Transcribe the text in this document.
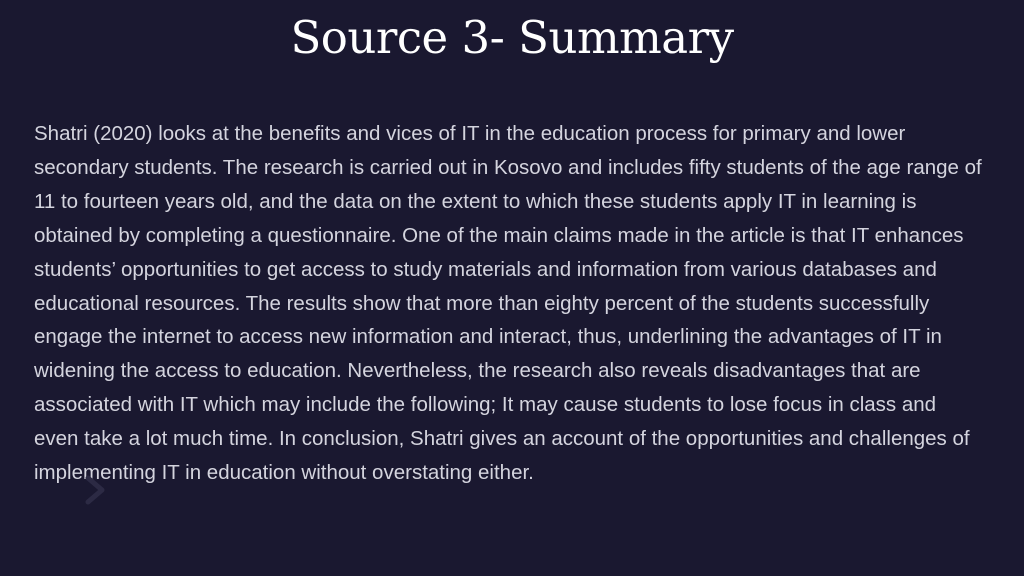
Source 3- Summary

Shatri (2020) looks at the benefits and vices of IT in the education process for primary and lower secondary students. The research is carried out in Kosovo and includes fifty students of the age range of 11 to fourteen years old, and the data on the extent to which these students apply IT in learning is obtained by completing a questionnaire. One of the main claims made in the article is that IT enhances students’ opportunities to get access to study materials and information from various databases and educational resources. The results show that more than eighty percent of the students successfully engage the internet to access new information and interact, thus, underlining the advantages of IT in widening the access to education. Nevertheless, the research also reveals disadvantages that are associated with IT which may include the following; It may cause students to lose focus in class and even take a lot much time. In conclusion, Shatri gives an account of the opportunities and challenges of implementing IT in education without overstating either.
